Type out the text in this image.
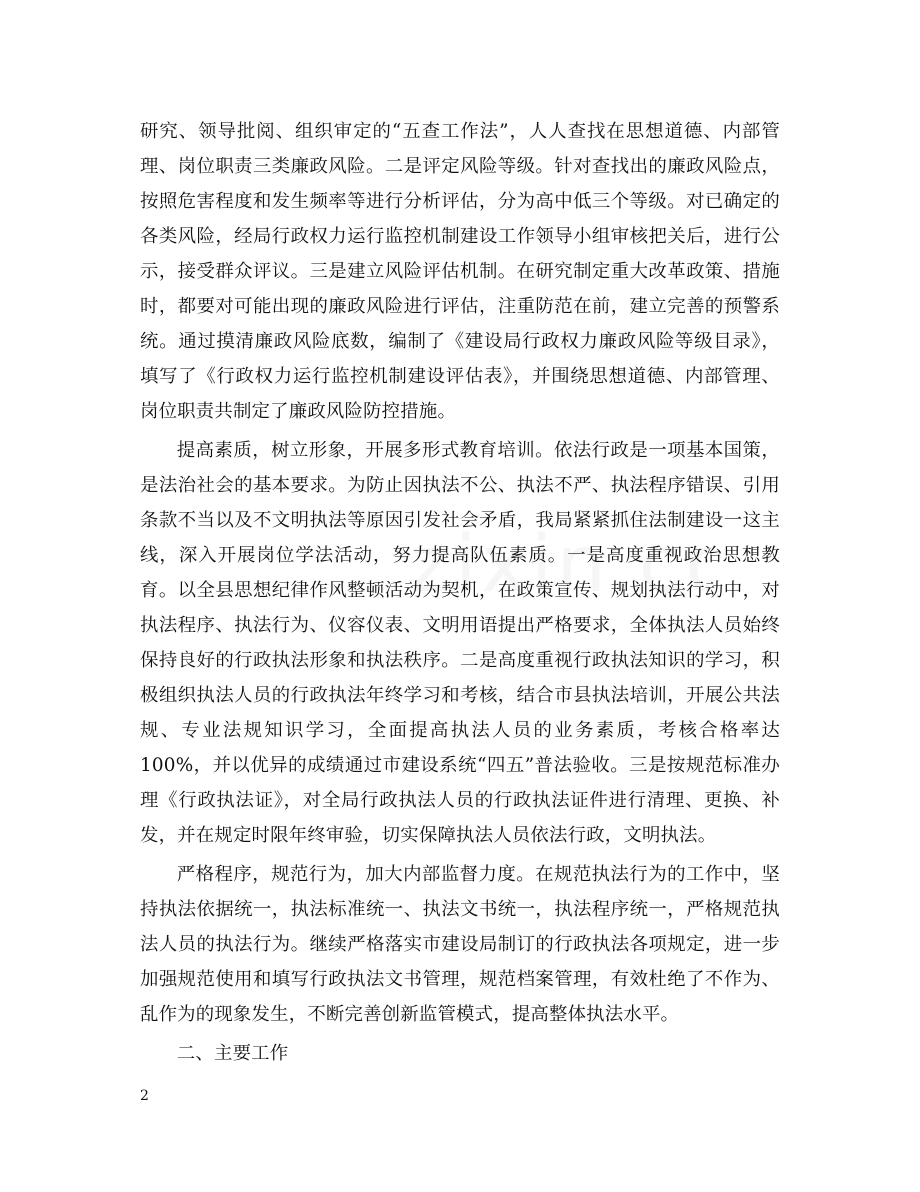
研究、领导批阅、组织审定的“五查工作法”，人人查找在思想道德、内部管理、岗位职责三类廉政风险。二是评定风险等级。针对查找出的廉政风险点，按照危害程度和发生频率等进行分析评估，分为高中低三个等级。对已确定的各类风险，经局行政权力运行监控机制建设工作领导小组审核把关后，进行公示，接受群众评议。三是建立风险评估机制。在研究制定重大改革政策、措施时，都要对可能出现的廉政风险进行评估，注重防范在前，建立完善的预警系统。通过摸清廉政风险底数，编制了《建设局行政权力廉政风险等级目录》，填写了《行政权力运行监控机制建设评估表》，并围绕思想道德、内部管理、岗位职责共制定了廉政风险防控措施。

提高素质，树立形象，开展多形式教育培训。依法行政是一项基本国策，是法治社会的基本要求。为防止因执法不公、执法不严、执法程序错误、引用条款不当以及不文明执法等原因引发社会矛盾，我局紧紧抓住法制建设一这主线，深入开展岗位学法活动，努力提高队伍素质。一是高度重视政治思想教育。以全县思想纪律作风整顿活动为契机，在政策宣传、规划执法行动中，对执法程序、执法行为、仪容仪表、文明用语提出严格要求，全体执法人员始终保持良好的行政执法形象和执法秩序。二是高度重视行政执法知识的学习，积极组织执法人员的行政执法年终学习和考核，结合市县执法培训，开展公共法规、专业法规知识学习，全面提高执法人员的业务素质，考核合格率达 100%，并以优异的成绩通过市建设系统“四五”普法验收。三是按规范标准办理《行政执法证》，对全局行政执法人员的行政执法证件进行清理、更换、补发，并在规定时限年终审验，切实保障执法人员依法行政，文明执法。

严格程序，规范行为，加大内部监督力度。在规范执法行为的工作中，坚持执法依据统一，执法标准统一、执法文书统一，执法程序统一，严格规范执法人员的执法行为。继续严格落实市建设局制订的行政执法各项规定，进一步加强规范使用和填写行政执法文书管理，规范档案管理，有效杜绝了不作为、乱作为的现象发生，不断完善创新监管模式，提高整体执法水平。

二、主要工作

2
